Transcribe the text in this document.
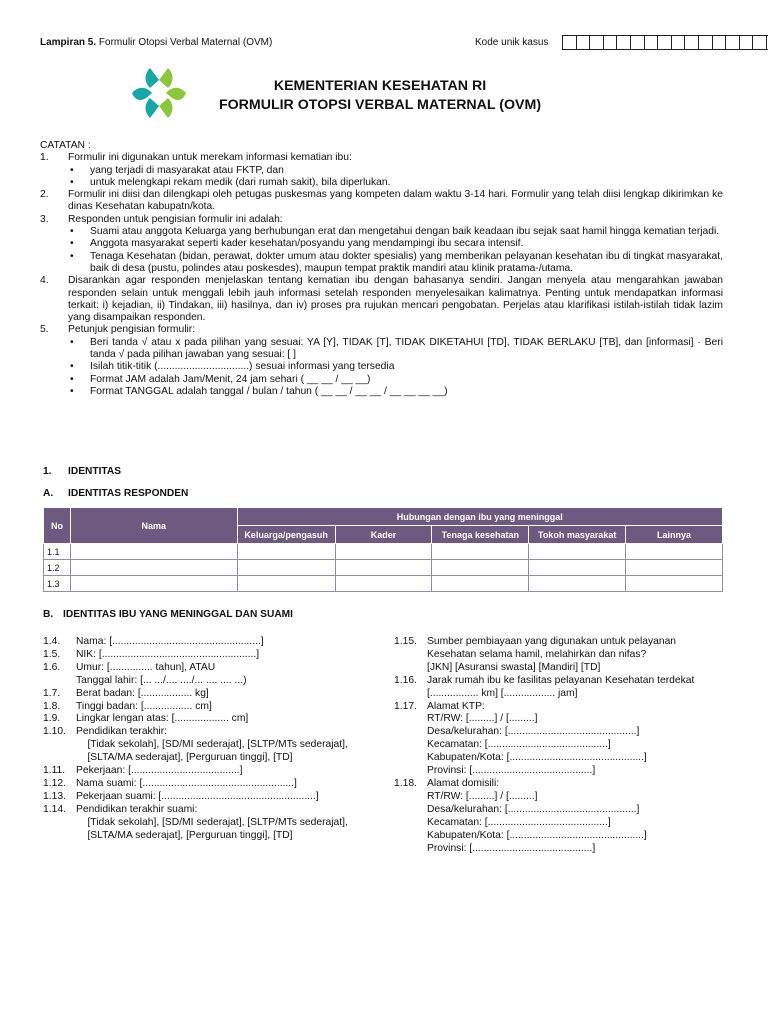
Lampiran 5. Formulir Otopsi Verbal Maternal (OVM)	Kode unik kasus
KEMENTERIAN KESEHATAN RI
FORMULIR OTOPSI VERBAL MATERNAL (OVM)
CATATAN :
1.	Formulir ini digunakan untuk merekam informasi kematian ibu:
•	yang terjadi di masyarakat atau FKTP, dan
•	untuk melengkapi rekam medik (dari rumah sakit), bila diperlukan.
2.	Formulir ini diisi dan dilengkapi oleh petugas puskesmas yang kompeten dalam waktu 3-14 hari. Formulir yang telah diisi lengkap dikirimkan ke dinas Kesehatan kabupatn/kota.
3.	Responden untuk pengisian formulir ini adalah:
•	Suami atau anggota Keluarga yang berhubungan erat dan mengetahui dengan baik keadaan ibu sejak saat hamil hingga kematian terjadi.
•	Anggota masyarakat seperti kader kesehatan/posyandu yang mendampingi ibu secara intensif.
•	Tenaga Kesehatan (bidan, perawat, dokter umum atau dokter spesialis) yang memberikan pelayanan kesehatan ibu di tingkat masyarakat, baik di desa (pustu, polindes atau poskesdes), maupun tempat praktik mandiri atau klinik pratama-/utama.
4.	Disarankan agar responden menjelaskan tentang kematian ibu dengan bahasanya sendiri. Jangan menyela atau mengarahkan jawaban responden selain untuk menggali lebih jauh informasi setelah responden menyelesaikan kalimatnya. Penting untuk mendapatkan informasi terkait: i) kejadian, ii) Tindakan, iii) hasilnya, dan iv) proses pra rujukan mencari pengobatan. Perjelas atau klarifikasi istilah-istilah tidak lazim yang disampaikan responden.
5.	Petunjuk pengisian formulir:
•	Beri tanda √ atau x pada pilihan yang sesuai: YA [Y], TIDAK [T], TIDAK DIKETAHUI [TD], TIDAK BERLAKU [TB], dan [informasi] · Beri tanda √ pada pilihan jawaban yang sesuai: [ ]
•	Isilah titik-titik (................................) sesuai informasi yang tersedia
•	Format JAM adalah Jam/Menit, 24 jam sehari ( __ __ / __ __)
•	Format TANGGAL adalah tanggal / bulan / tahun ( __ __ / __ __ / __ __ __ __)
1. IDENTITAS
A. IDENTITAS RESPONDEN
No	Nama	Hubungan dengan ibu yang meninggal				
		Keluarga/pengasuh	Kader	Tenaga kesehatan	Tokoh masyarakat	Lainnya
1.1						
1.2						
1.3						
B. IDENTITAS IBU YANG MENINGGAL DAN SUAMI
1.4.	Nama: [....................................................]
1.5.	NIK: [......................................................]
1.6.	Umur: [............... tahun], ATAU
Tanggal lahir: [... .../.... ..../... .... .... ...)
1.7.	Berat badan: [.................. kg]
1.8.	Tinggi badan: [................. cm]
1.9.	Lingkar lengan atas: [................... cm]
1.10. Pendidikan terakhir:
[Tidak sekolah], [SD/MI sederajat], [SLTP/MTs sederajat],
[SLTA/MA sederajat], [Perguruan tinggi], [TD]
1.11.	Pekerjaan: [......................................]
1.12. Nama suami: [.....................................................]
1.13. Pekerjaan suami: [......................................................]
1.14. Pendidikan terakhir suami:
[Tidak sekolah], [SD/MI sederajat], [SLTP/MTs sederajat],
[SLTA/MA sederajat], [Perguruan tinggi], [TD]
1.15. Sumber pembiayaan yang digunakan untuk pelayanan
Kesehatan selama hamil, melahirkan dan nifas?
[JKN] [Asuransi swasta] [Mandiri] [TD]
1.16. Jarak rumah ibu ke fasilitas pelayanan Kesehatan terdekat
[................. km] [.................. jam]
1.17. Alamat KTP:
RT/RW: [.........] / [.........]
Desa/kelurahan: [.............................................]
Kecamatan: [..........................................]
Kabupaten/Kota: [...............................................]
Provinsi: [..........................................]
1.18. Alamat domisili:
RT/RW: [.........] / [.........]
Desa/kelurahan: [.............................................]
Kecamatan: [..........................................]
Kabupaten/Kota: [...............................................]
Provinsi: [..........................................]
